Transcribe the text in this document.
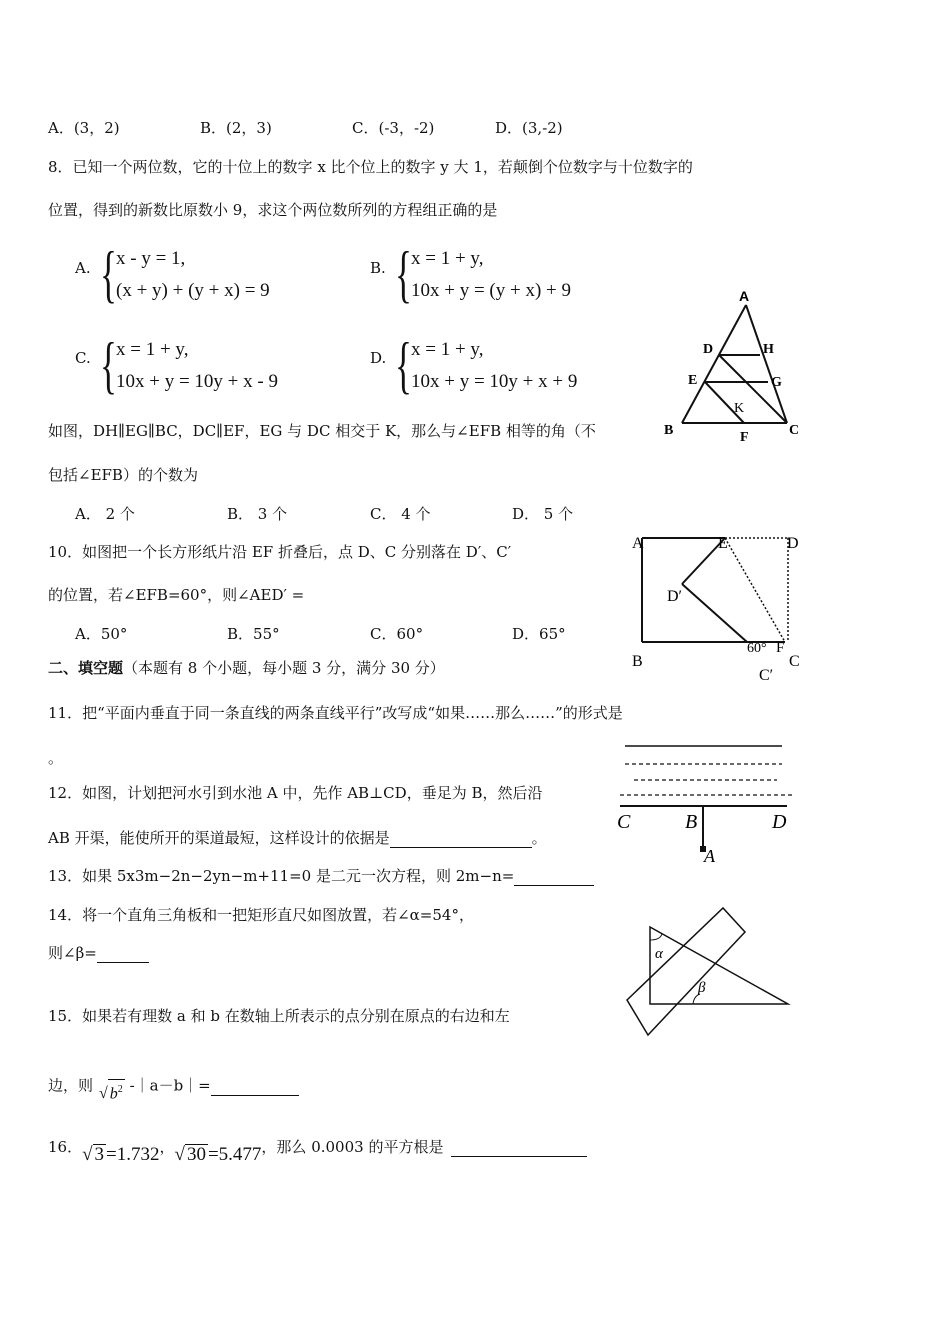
A．(3，2)	B．(2，3)	C．(-3，-2)	D．(3,-2)
8．已知一个两位数，它的十位上的数字 x 比个位上的数字 y 大 1，若颠倒个位数字与十位数字的
位置，得到的新数比原数小 9，求这个两位数所列的方程组正确的是
A. { x - y = 1,
(x + y) + (y + x) = 9
B. { x = 1 + y,
10x + y = (y + x) + 9
C. { x = 1 + y,
10x + y = 10y + x - 9
D. { x = 1 + y,
10x + y = 10y + x + 9
A
D	H
E	G
K
B	F	C
如图，DH∥EG∥BC，DC∥EF，EG 与 DC 相交于 K，那么与∠EFB 相等的角（不
包括∠EFB）的个数为
A． 2 个	B． 3 个	C． 4 个	D． 5 个
10．如图把一个长方形纸片沿 EF 折叠后，点 D、C 分别落在 D′、C′
的位置，若∠EFB=60°，则∠AED′ =
A．50°	B．55°	C．60°	D．65°
A	E	D
D′
60° F
B
C′
C
二、填空题（本题有 8 个小题，每小题 3 分，满分 30 分）
11．把“平面内垂直于同一条直线的两条直线平行”改写成“如果……那么……”的形式是
。
C	B	D
A
12．如图，计划把河水引到水池 A 中，先作 AB⊥CD，垂足为 B，然后沿
AB 开渠，能使所开的渠道最短，这样设计的依据是	。
13．如果 5x3m−2n−2yn−m+11=0 是二元一次方程，则 2m−n=
14．将一个直角三角板和一把矩形直尺如图放置，若∠α=54°，
则∠β=	α
β
15．如果若有理数 a 和 b 在数轴上所表示的点分别在原点的右边和左
边，则 √ $b^2$ -｜a－b｜=
16．√ 3 =1.732，√ 30 =5.477，那么 0.0003 的平方根是
